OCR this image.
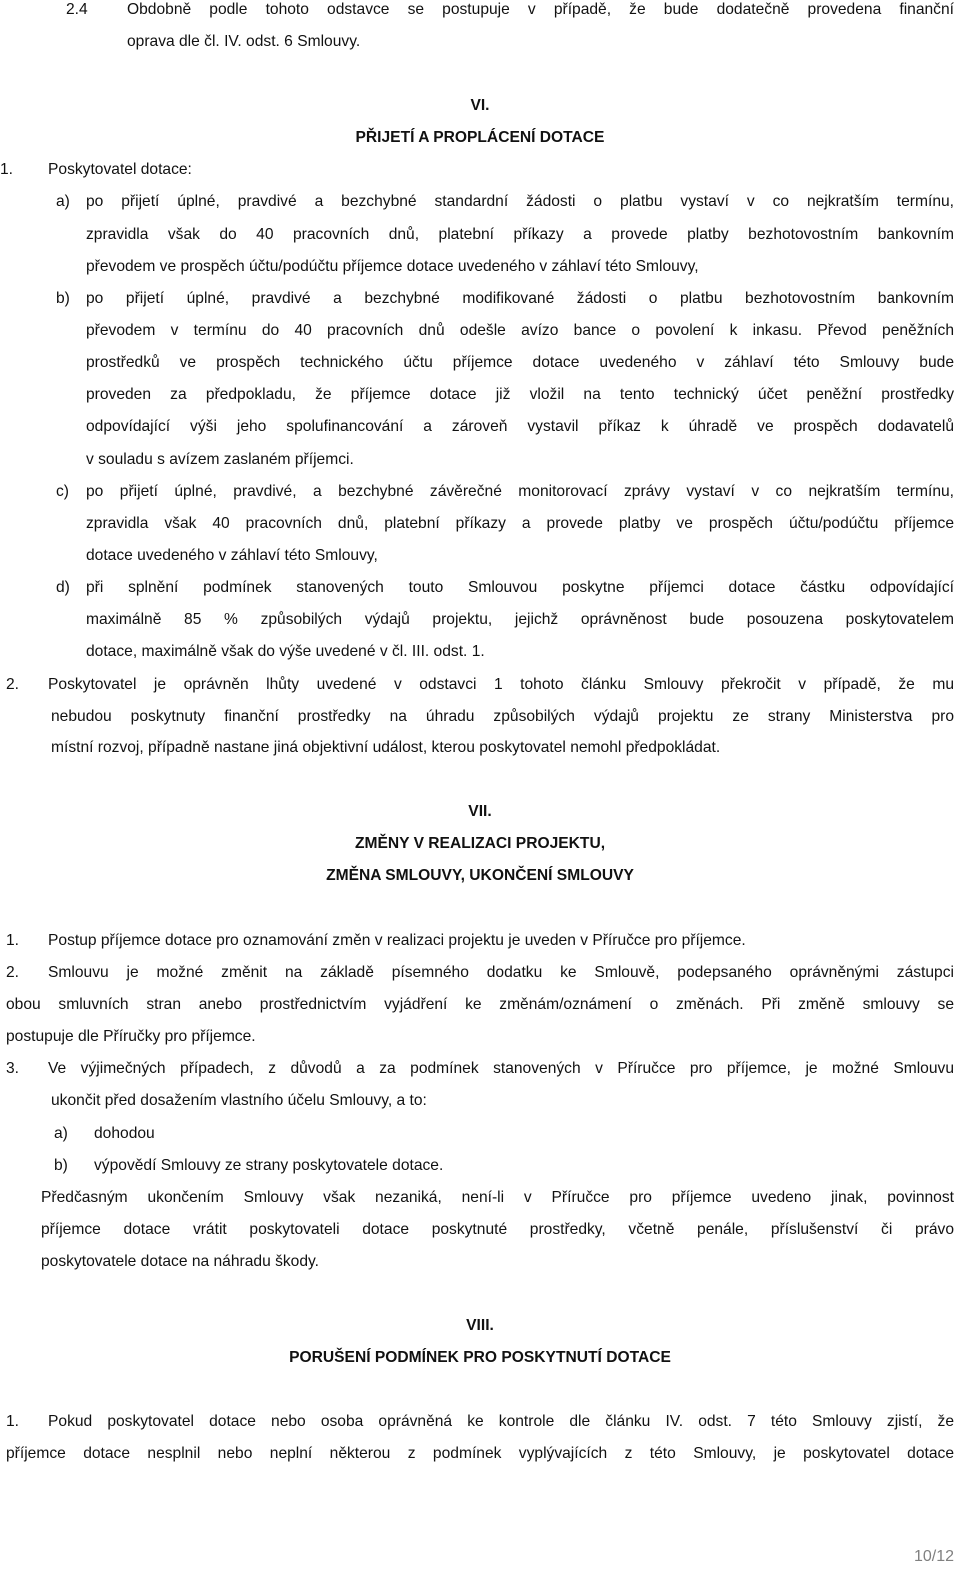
2.4	Obdobně podle tohoto odstavce se postupuje v případě, že bude dodatečně provedena finanční
oprava dle čl. IV. odst. 6 Smlouvy.
VI.
PŘIJETÍ A PROPLÁCENÍ DOTACE
1. Poskytovatel dotace:
a) po přijetí úplné, pravdivé a bezchybné standardní žádosti o platbu vystaví v co nejkratším termínu,
zpravidla však do 40 pracovních dnů, platební příkazy a provede platby bezhotovostním bankovním
převodem ve prospěch účtu/podúčtu příjemce dotace uvedeného v záhlaví této Smlouvy,
b) po přijetí úplné, pravdivé a bezchybné modifikované žádosti o platbu bezhotovostním bankovním
převodem v termínu do 40 pracovních dnů odešle avízo bance o povolení k inkasu. Převod peněžních
prostředků ve prospěch technického účtu příjemce dotace uvedeného v záhlaví této Smlouvy bude
proveden za předpokladu, že příjemce dotace již vložil na tento technický účet peněžní prostředky
odpovídající výši jeho spolufinancování a zároveň vystavil příkaz k úhradě ve prospěch dodavatelů
v souladu s avízem zaslaném příjemci.
c) po přijetí úplné, pravdivé, a bezchybné závěrečné monitorovací zprávy vystaví v co nejkratším termínu,
zpravidla však 40 pracovních dnů, platební příkazy a provede platby ve prospěch účtu/podúčtu příjemce
dotace uvedeného v záhlaví této Smlouvy,
d) při splnění podmínek stanovených touto Smlouvou poskytne příjemci dotace částku odpovídající
maximálně 85 % způsobilých výdajů projektu, jejichž oprávněnost bude posouzena poskytovatelem
dotace, maximálně však do výše uvedené v čl. III. odst. 1.
2. Poskytovatel je oprávněn lhůty uvedené v odstavci 1 tohoto článku Smlouvy překročit v případě, že mu
nebudou poskytnuty finanční prostředky na úhradu způsobilých výdajů projektu ze strany Ministerstva pro
místní rozvoj, případně nastane jiná objektivní událost, kterou poskytovatel nemohl předpokládat.
VII.
ZMĚNY V REALIZACI PROJEKTU,
ZMĚNA SMLOUVY, UKONČENÍ SMLOUVY
1. Postup příjemce dotace pro oznamování změn v realizaci projektu je uveden v Příručce pro příjemce.
2. Smlouvu je možné změnit na základě písemného dodatku ke Smlouvě, podepsaného oprávněnými zástupci
obou smluvních stran anebo prostřednictvím vyjádření ke změnám/oznámení o změnách. Při změně smlouvy se
postupuje dle Příručky pro příjemce.
3. Ve výjimečných případech, z důvodů a za podmínek stanovených v Příručce pro příjemce, je možné Smlouvu
ukončit před dosažením vlastního účelu Smlouvy, a to:
a) dohodou
b) výpovědí Smlouvy ze strany poskytovatele dotace.
Předčasným ukončením Smlouvy však nezaniká, není-li v Příručce pro příjemce uvedeno jinak, povinnost
příjemce dotace vrátit poskytovateli dotace poskytnuté prostředky, včetně penále, příslušenství či právo
poskytovatele dotace na náhradu škody.
VIII.
PORUŠENÍ PODMÍNEK PRO POSKYTNUTÍ DOTACE
1. Pokud poskytovatel dotace nebo osoba oprávněná ke kontrole dle článku IV. odst. 7 této Smlouvy zjistí, že
příjemce dotace nesplnil nebo neplní některou z podmínek vyplývajících z této Smlouvy, je poskytovatel dotace
10/12
